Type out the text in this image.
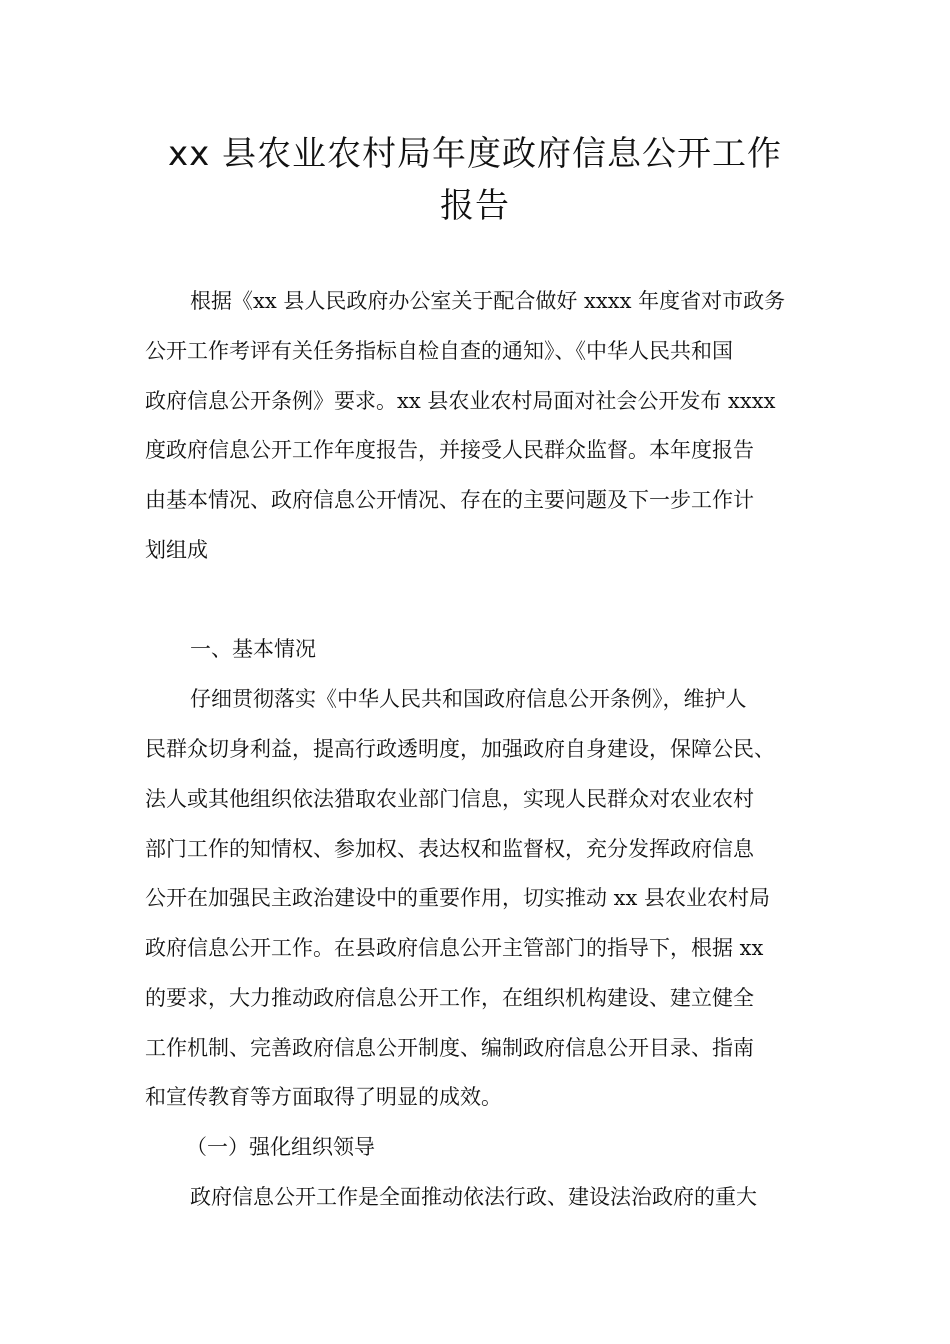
xx 县农业农村局年度政府信息公开工作
报告
根据《xx 县人民政府办公室关于配合做好 xxxx 年度省对市政务
公开工作考评有关任务指标自检自查的通知》、《中华人民共和国
政府信息公开条例》要求。xx 县农业农村局面对社会公开发布 xxxx
度政府信息公开工作年度报告，并接受人民群众监督。本年度报告
由基本情况、政府信息公开情况、存在的主要问题及下一步工作计
划组成
一、基本情况
仔细贯彻落实《中华人民共和国政府信息公开条例》，维护人
民群众切身利益，提高行政透明度，加强政府自身建设，保障公民、
法人或其他组织依法猎取农业部门信息，实现人民群众对农业农村
部门工作的知情权、参加权、表达权和监督权，充分发挥政府信息
公开在加强民主政治建设中的重要作用，切实推动 xx 县农业农村局
政府信息公开工作。在县政府信息公开主管部门的指导下，根据 xx
的要求，大力推动政府信息公开工作，在组织机构建设、建立健全
工作机制、完善政府信息公开制度、编制政府信息公开目录、指南
和宣传教育等方面取得了明显的成效。
（一）强化组织领导
政府信息公开工作是全面推动依法行政、建设法治政府的重大
